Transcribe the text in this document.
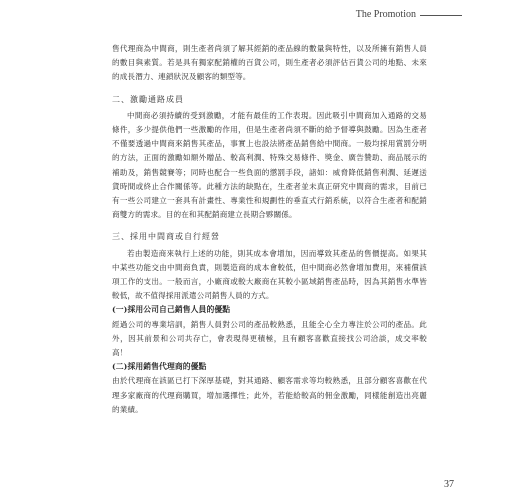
The Promotion

售代理商為中間商，則生產者尚須了解其經銷的產品線的數量與特性，以及所擁有銷售人員的數目與素質。若是具有獨家配銷權的百貨公司，則生產者必須評估百貨公司的地點、未來的成長潛力、連鎖狀況及顧客的類型等。

二、激勵通路成員

中間商必須持續的受到激勵，才能有最佳的工作表現。因此吸引中間商加入通路的交易條件，多少提供他們一些激勵的作用，但是生產者尚須不斷的給予督導與鼓勵。因為生產者不僅要透過中間商來銷售其產品，事實上也設法將產品銷售給中間商。一般均採用賞罰分明的方法，正面的激勵如額外贈品、較高利潤、特殊交易條件、獎金、廣告贊助、商品展示的補助及，銷售競賽等；同時也配合一些負面的懲罰手段，諸如：威脅降低銷售利潤、延遲送貨時間或終止合作關係等。此種方法的缺點在，生產者並未真正研究中間商的需求，目前已有一些公司建立一套具有計畫性、專業性和規劃性的垂直式行銷系統，以符合生產者和配銷商雙方的需求。目的在和其配銷商建立長期合夥關係。

三、採用中間商或自行經營

若由製造商來執行上述的功能，則其成本會增加，因而導致其產品的售價提高。如果其中某些功能交由中間商負責，則製造商的成本會較低，但中間商必然會增加費用，來補償該項工作的支出。一般而言，小廠商或較大廠商在其較小區域銷售產品時，因為其銷售水準皆較低，故不值得採用派遣公司銷售人員的方式。

(一)採用公司自己銷售人員的優點

經過公司的專業培訓，銷售人員對公司的產品較熟悉，且能全心全力專注於公司的產品。此外，因其前景和公司共存亡，會表現得更積極，且有顧客喜歡直接找公司洽談，成交率較高！

(二)採用銷售代理商的優點

由於代理商在該區已打下深厚基礎，對其通路、顧客需求等均較熟悉，且部分顧客喜歡在代理多家廠商的代理商購買，增加選擇性；此外，若能給較高的佣金激勵，同樣能創造出亮麗的業績。

37
